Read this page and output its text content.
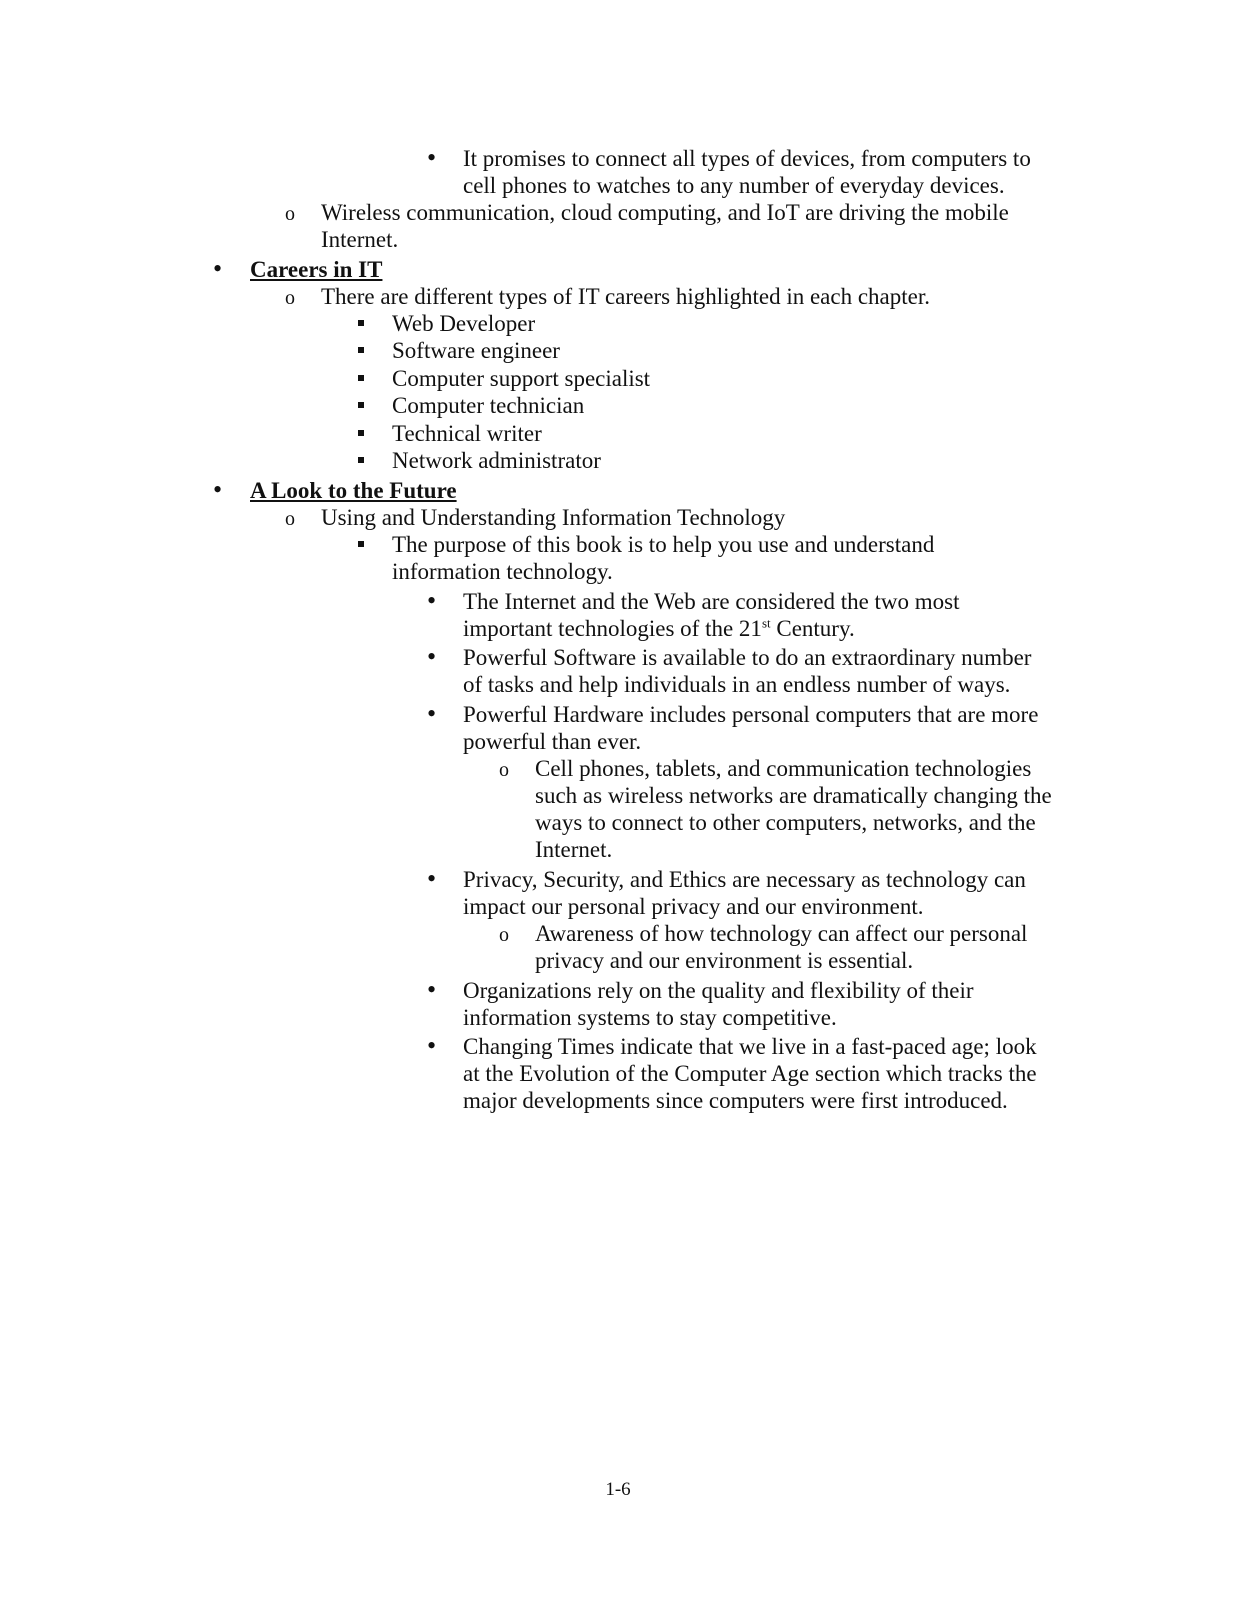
• It promises to connect all types of devices, from computers to
cell phones to watches to any number of everyday devices.
o Wireless communication, cloud computing, and IoT are driving the mobile
Internet.
• Careers in IT
o There are different types of IT careers highlighted in each chapter.
Web Developer
Software engineer
Computer support specialist
Computer technician
Technical writer
Network administrator
• A Look to the Future
o Using and Understanding Information Technology
The purpose of this book is to help you use and understand
information technology.
• The Internet and the Web are considered the two most
important technologies of the 21st Century.
• Powerful Software is available to do an extraordinary number
of tasks and help individuals in an endless number of ways.
• Powerful Hardware includes personal computers that are more
powerful than ever.
o Cell phones, tablets, and communication technologies
such as wireless networks are dramatically changing the
ways to connect to other computers, networks, and the
Internet.
• Privacy, Security, and Ethics are necessary as technology can
impact our personal privacy and our environment.
o Awareness of how technology can affect our personal
privacy and our environment is essential.
• Organizations rely on the quality and flexibility of their
information systems to stay competitive.
• Changing Times indicate that we live in a fast-paced age; look
at the Evolution of the Computer Age section which tracks the
major developments since computers were first introduced.
1-6
